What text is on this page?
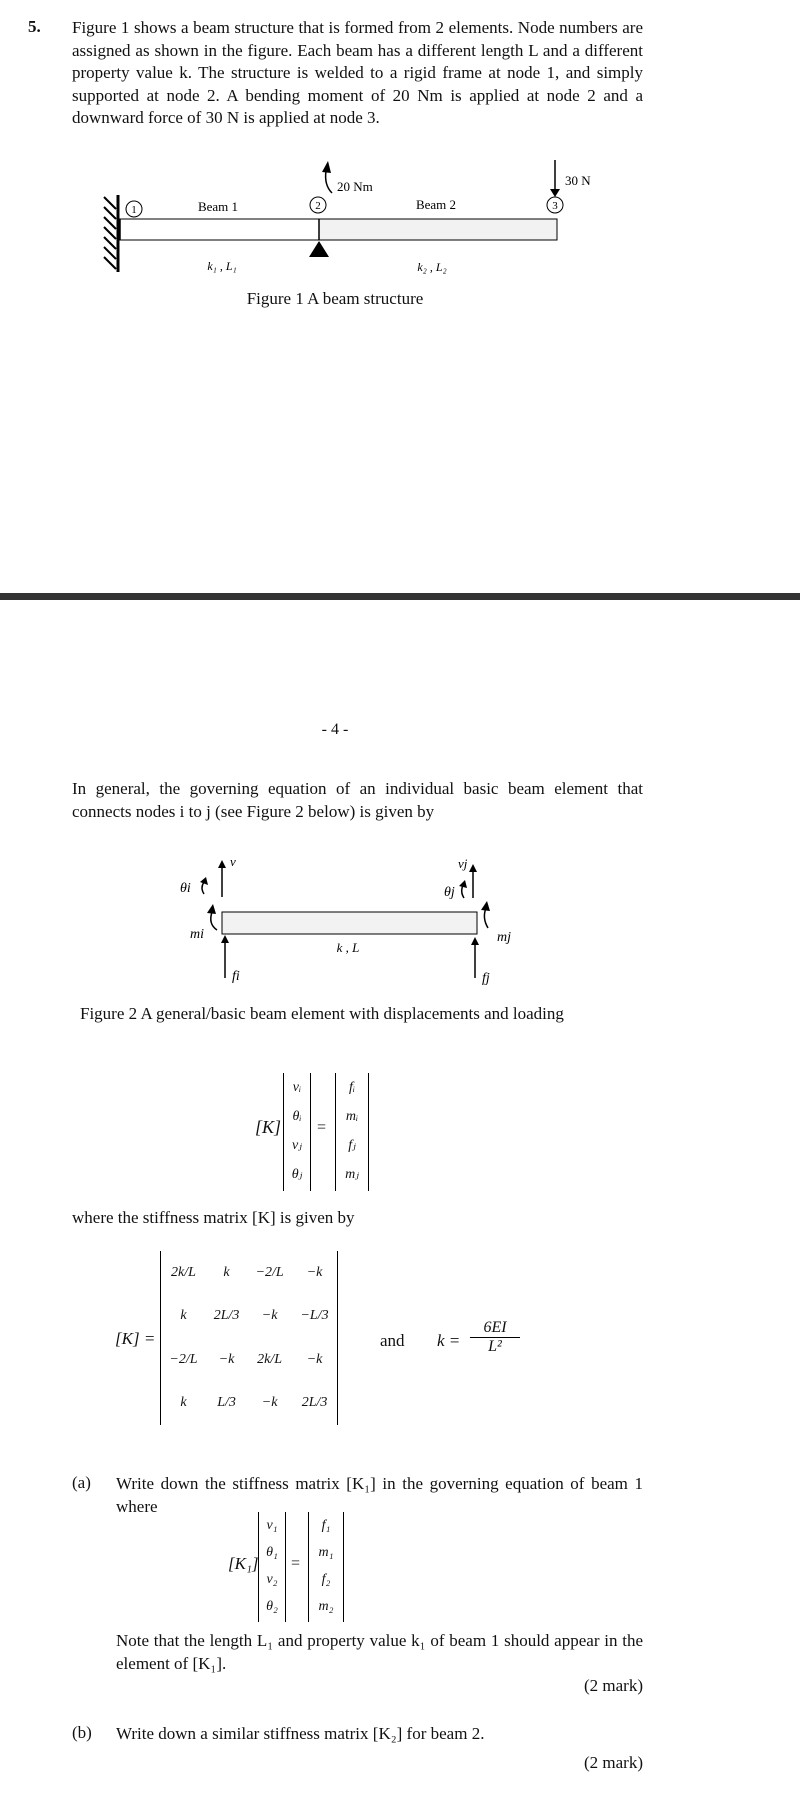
5. Figure 1 shows a beam structure that is formed from 2 elements. Node numbers are assigned as shown in the figure. Each beam has a different length L and a different property value k. The structure is welded to a rigid frame at node 1, and simply supported at node 2. A bending moment of 20 Nm is applied at node 2 and a downward force of 30 N is applied at node 3.
1	2	3
Beam 1	Beam 2
k₁ , L₁	k₂ , L₂
20 Nm	30 N
Figure 1 A beam structure
- 4 -
In general, the governing equation of an individual basic beam element that connects nodes i to j (see Figure 2 below) is given by
θi
v
mi
fi
vj
θj
mj
fj
k , L
Figure 2 A general/basic beam element with displacements and loading
[K]
vᵢ
θᵢ
vⱼ
θⱼ
=
fᵢ
mᵢ
fⱼ
mⱼ
where the stiffness matrix [K] is given by
[K] =
2k/L	k	−2/L	−k
k	2L/3	−k	−L/3
−2/L	−k	2k/L	−k
k	L/3	−k	2L/3
and $k = \frac{6EI}{\text{L²}}$
(a) Write down the stiffness matrix [K₁] in the governing equation of beam 1 where
[K₁]
v₁
θ₁
v₂
θ₂
=
f₁
m₁
f₂
m₂
Note that the length L₁ and property value k₁ of beam 1 should appear in the element of [K₁].
(2 mark)
(b) Write down a similar stiffness matrix [K₂] for beam 2.
(2 mark)
